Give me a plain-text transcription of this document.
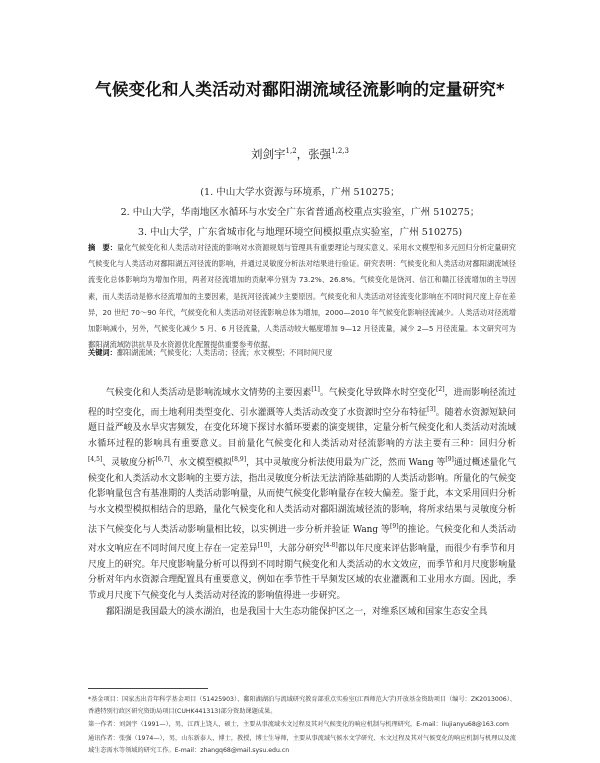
气候变化和人类活动对鄱阳湖流域径流影响的定量研究*
刘剑宇$^{1,2}$，张强$^{1,2,3}$
(1. 中山大学水资源与环境系，广州 510275；
2. 中山大学，华南地区水循环与水安全广东省普通高校重点实验室，广州 510275；
3. 中山大学，广东省城市化与地理环境空间模拟重点实验室，广州 510275)
摘　要：量化气候变化和人类活动对径流的影响对水资源规划与管理具有重要理论与现实意义。采用水文模型和多元回归分析定量研究气候变化与人类活动对鄱阳湖五河径流的影响，并通过灵敏度分析法对结果进行验证。研究表明：气候变化和人类活动对鄱阳湖流域径流变化总体影响均为增加作用，两者对径流增加的贡献率分别为 73.2%、26.8%。气候变化是饶河、信江和赣江径流增加的主导因素，而人类活动是修水径流增加的主要因素，是抚河径流减少主要原因。气候变化和人类活动对径流变化影响在不同时间尺度上存在差异，20 世纪 70～90 年代，气候变化和人类活动对径流影响总体为增加，2000—2010 年气候变化影响径流减少。人类活动对径流增加影响减小，另外，气候变化减少 5 月、6 月径流量，人类活动较大幅度增加 9—12 月径流量，减少 2—5 月径流量。本文研究可为鄱阳湖流域防洪抗旱及水资源优化配置提供重要参考依据。
关键词：鄱阳湖流域；气候变化；人类活动；径流；水文模型；不同时间尺度

气候变化和人类活动是影响流域水文情势的主要因素[1]。气候变化导致降水时空变化[2]，进而影响径流过程的时空变化，而土地利用类型变化、引水灌溉等人类活动改变了水资源时空分布特征[3]。随着水资源短缺问题日益严峻及水旱灾害频发，在变化环境下探讨水循环要素的演变规律，定量分析气候变化和人类活动对流域水循环过程的影响具有重要意义。目前量化气候变化和人类活动对径流影响的方法主要有三种：回归分析[4,5]、灵敏度分析[6,7]、水文模型模拟[8,9]，其中灵敏度分析法使用最为广泛，然而 Wang 等[9]通过概述量化气候变化和人类活动水文影响的主要方法，指出灵敏度分析法无法消除基础期的人类活动影响。所量化的气候变化影响量包含有基准期的人类活动影响量，从而使气候变化影响量存在较大偏差。鉴于此，本文采用回归分析与水文模型模拟相结合的思路，量化气候变化和人类活动对鄱阳湖流域径流的影响，将所求结果与灵敏度分析法下气候变化与人类活动影响量相比较，以实例进一步分析并验证 Wang 等[9]的推论。气候变化和人类活动对水文响应在不同时间尺度上存在一定差异[10]，大部分研究[4-8]都以年尺度来评估影响量，而很少有季节和月尺度上的研究。年尺度影响量分析可以得到不同时期气候变化和人类活动的水文效应，而季节和月尺度影响量分析对年内水资源合理配置具有重要意义，例如在季节性干旱频发区域的农业灌溉和工业用水方面。因此，季节或月尺度下气候变化与人类活动对径流的影响值得进一步研究。

鄱阳湖是我国最大的淡水湖泊，也是我国十大生态功能保护区之一，对维系区域和国家生态安全具

*基金项目：国家杰出青年科学基金项目（51425903）、鄱阳湖湖泊与流域研究教育部重点实验室(江西师范大学)开放基金资助项目（编号：ZK2013006）、香港特别行政区研究资助局项目(CUHK441313)部分资助课题成果。

第一作者：刘剑宇（1991—），男，江西上饶人，硕士，主要从事流域水文过程及其对气候变化的响应机制与机理研究，E-mail：liujianyu68@163.com

通讯作者：张强（1974—），男，山东新泰人，博士，教授，博士生导师，主要从事流域气候水文学研究、水文过程及其对气候变化的响应机制与机理以及流域生态需水等领域的研究工作。E-mail：zhangq68@mail.sysu.edu.cn
